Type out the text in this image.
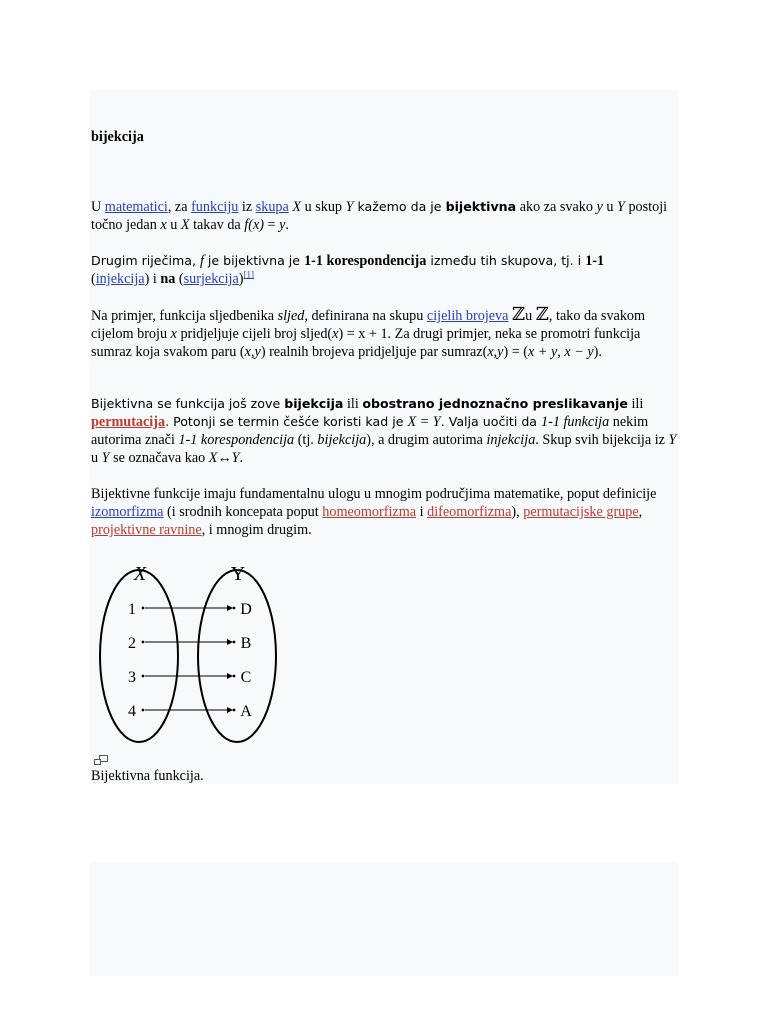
bijekcija
U matematici, za funkciju iz skupa X u skup Y kažemo da je bijektivna ako za svako y u Y postoji točno jedan x u X takav da f(x) = y.
Drugim riječima, f je bijektivna je 1-1 korespondencija između tih skupova, tj. i 1-1
(injekcija) i na (surjekcija)[1]
Na primjer, funkcija sljedbenika sljed, definirana na skupu cijelih brojeva ℤu ℤ, tako da svakom cijelom broju x pridjeljuje cijeli broj sljed(x) = x + 1. Za drugi primjer, neka se promotri funkcija sumraz koja svakom paru (x,y) realnih brojeva pridjeljuje par sumraz(x,y) = (x + y, x − y).
Bijektivna se funkcija još zove bijekcija ili obostrano jednoznačno preslikavanje ili
permutacija. Potonji se termin češće koristi kad je X = Y. Valja uočiti da 1-1 funkcija nekim autorima znači 1-1 korespondencija (tj. bijekcija), a drugim autorima injekcija. Skup svih bijekcija iz Y u Y se označava kao X↔Y.
Bijektivne funkcije imaju fundamentalnu ulogu u mnogim područjima matematike, poput definicije izomorfizma (i srodnih koncepata poput homeomorfizma i difeomorfizma), permutacijske grupe, projektivne ravnine, i mnogim drugim.
Bijektivna funkcija.
X	Y
1	D
2	B
3	C
4	A
